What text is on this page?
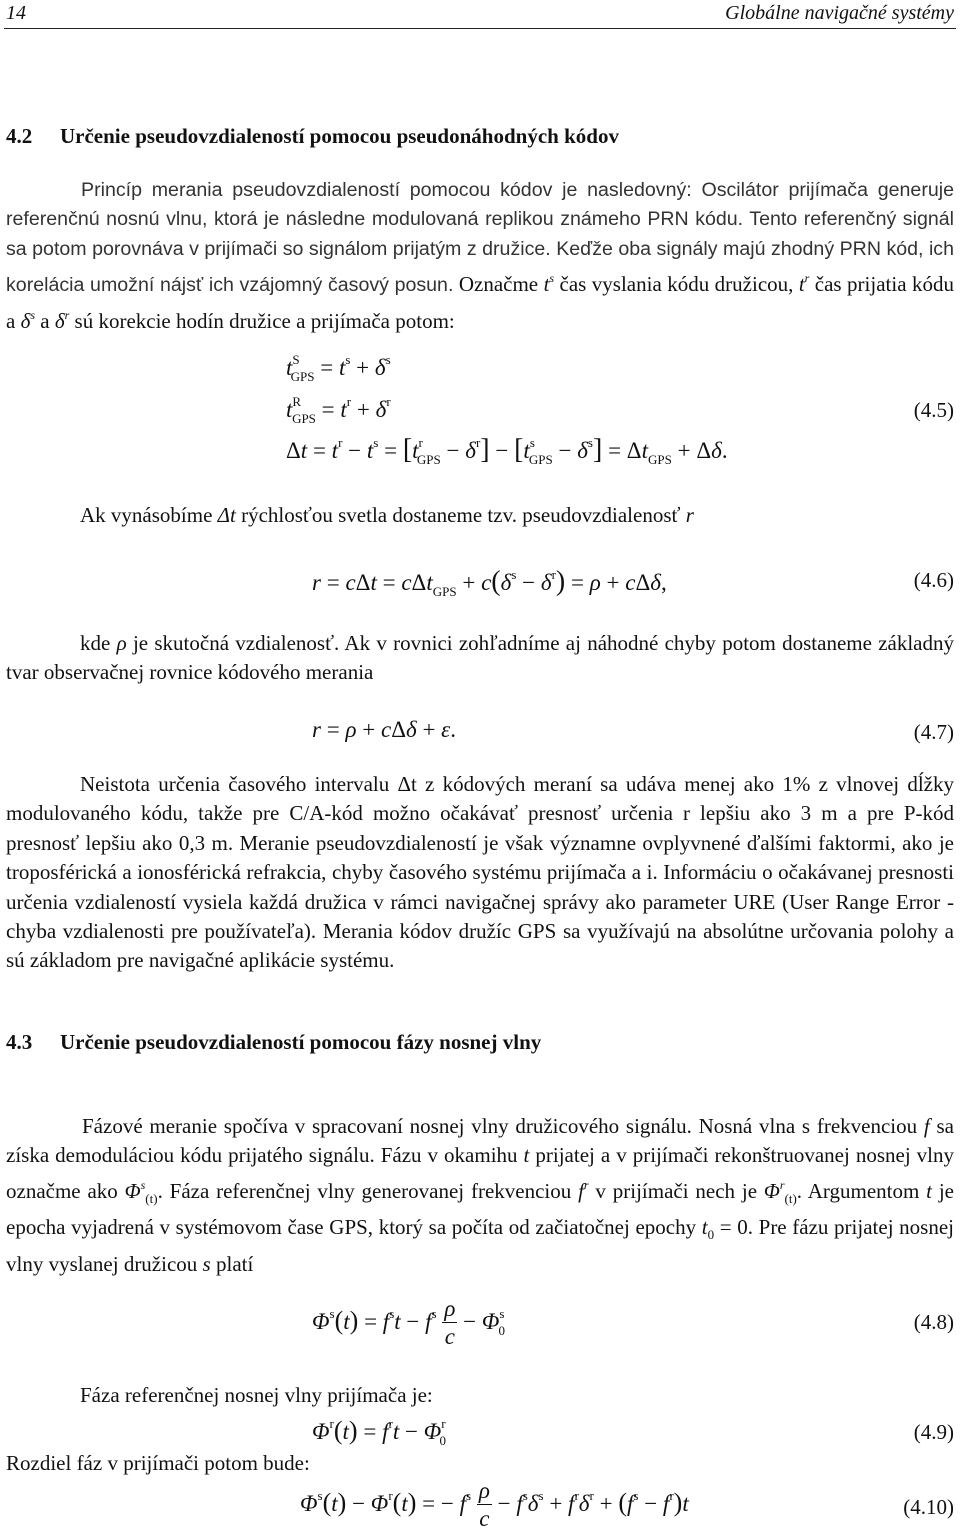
14	Globálne navigačné systémy
4.2 Určenie pseudovzdialeností pomocou pseudonáhodných kódov
Princíp merania pseudovzdialeností pomocou kódov je nasledovný: Oscilátor prijímača generuje referenčnú nosnú vlnu, ktorá je následne modulovaná replikou známeho PRN kódu. Tento referenčný signál sa potom porovnáva v prijímači so signálom prijatým z družice. Keďže oba signály majú zhodný PRN kód, ich korelácia umožní nájsť ich vzájomný časový posun. Označme $t^s$ čas vyslania kódu družicou, $t^r$ čas prijatia kódu a $\delta^s$ a $\delta^r$ sú korekcie hodín družice a prijímača potom:
$t^S_{GPS} = t^s + \delta^s$
$t^R_{GPS} = t^r + \delta^r$	(4.5)
$\Delta t = t^r - t^s = [t^r_{GPS} - \delta^r] - [t^s_{GPS} - \delta^s] = \Delta t_{GPS} + \Delta\delta$.
Ak vynásobíme Δt rýchlosťou svetla dostaneme tzv. pseudovzdialenosť r
$r = c\Delta t = c\Delta t_{GPS} + c(\delta^s - \delta^r) = \rho + c\Delta\delta$,	(4.6)
kde ρ je skutočná vzdialenosť. Ak v rovnici zohľadníme aj náhodné chyby potom dostaneme základný tvar observačnej rovnice kódového merania
r = ρ + cΔδ + ε.	(4.7)
Neistota určenia časového intervalu Δt z kódových meraní sa udáva menej ako 1% z vlnovej dĺžky modulovaného kódu, takže pre C/A-kód možno očakávať presnosť určenia r lepšiu ako 3 m a pre P-kód presnosť lepšiu ako 0,3 m. Meranie pseudovzdialeností je však významne ovplyvnené ďalšími faktormi, ako je troposférická a ionosférická refrakcia, chyby časového systému prijímača a i. Informáciu o očakávanej presnosti určenia vzdialeností vysiela každá družica v rámci navigačnej správy ako parameter URE (User Range Error - chyba vzdialenosti pre používateľa). Merania kódov družíc GPS sa využívajú na absolútne určovania polohy a sú základom pre navigačné aplikácie systému.
4.3 Určenie pseudovzdialeností pomocou fázy nosnej vlny
Fázové meranie spočíva v spracovaní nosnej vlny družicového signálu. Nosná vlna s frekvenciou f sa získa demoduláciou kódu prijatého signálu. Fázu v okamihu t prijatej a v prijímači rekonštruovanej nosnej vlny označme ako $\Phi^s_{(t)}$. Fáza referenčnej vlny generovanej frekvenciou $f^r$ v prijímači nech je $\Phi^r_{(t)}$. Argumentom t je epocha vyjadrená v systémovom čase GPS, ktorý sa počíta od začiatočnej epochy $t_0 = 0$. Pre fázu prijatej nosnej vlny vyslanej družicou s platí
$\Phi^s(t) = f^st - f^s \frac{\rho}{c} - \Phi^s_0$	(4.8)
Fáza referenčnej nosnej vlny prijímača je:
$\Phi^r(t) = f^rt - \Phi^r_0$	(4.9)
Rozdiel fáz v prijímači potom bude:
$\Phi^s(t) - \Phi^r(t)$ = − $f^s \frac{\rho}{c} - f^s\delta^s + f^r\delta^r + (f^s - f^r)t$	(4.10)
